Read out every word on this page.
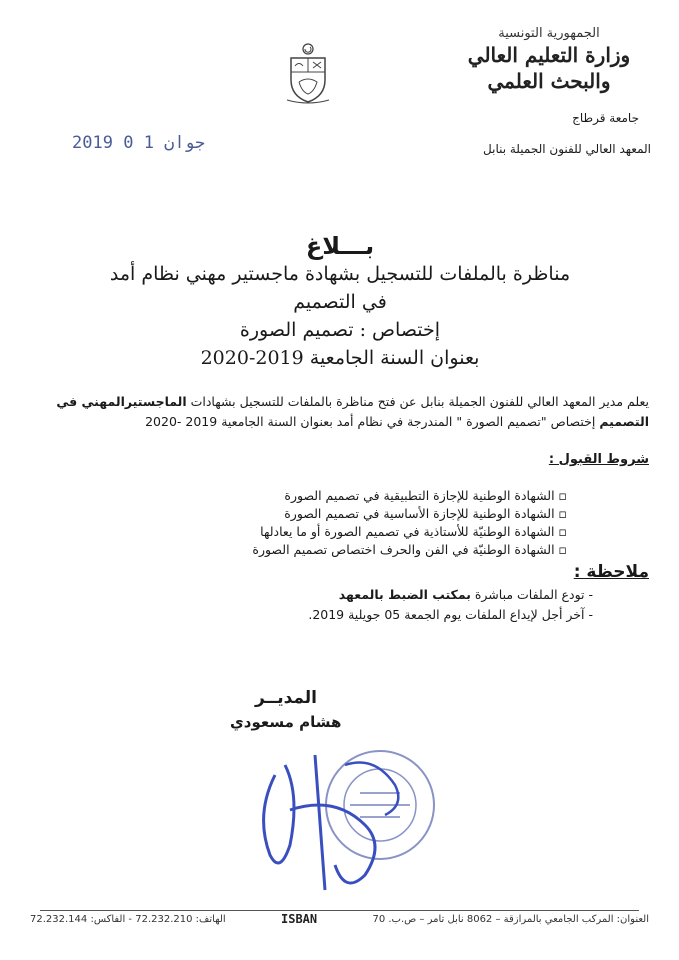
الجمهورية التونسية
وزارة التعليم العالي
والبحث العلمي
جامعة قرطاج
المعهد العالي للفنون الجميلة بنابل
2019 جوان 1 0
بـــلاغ
مناظرة بالملفات للتسجيل بشهادة ماجستير مهني نظام أمد
في التصميم
إختصاص : تصميم الصورة
بعنوان السنة الجامعية 2019-2020
يعلم مدير المعهد العالي للفنون الجميلة بنابل عن فتح مناظرة بالملفات للتسجيل بشهادات الماجستيرالمهني في التصميم إختصاص "تصميم الصورة " المندرجة في نظام أمد بعنوان السنة الجامعية 2019 -2020
شروط القبول :
▫ الشهادة الوطنية للإجازة التطبيقية في تصميم الصورة
▫ الشهادة الوطنية للإجازة الأساسية في تصميم الصورة
▫ الشهادة الوطنيّة للأستاذية في تصميم الصورة أو ما يعادلها
▫ الشهادة الوطنيّة في الفن والحرف اختصاص تصميم الصورة
ملاحظة :
- تودع الملفات مباشرة بمكتب الضبط بالمعهد
- آخر أجل لإيداع الملفات يوم الجمعة 05 جويلية 2019.
المديــر
هشام مسعودي
العنوان: المركب الجامعي بالمرازقة – 8062 نابل تامر – ص.ب. 70
ISBAN
الهاتف: 72.232.210 - الفاكس: 72.232.144
